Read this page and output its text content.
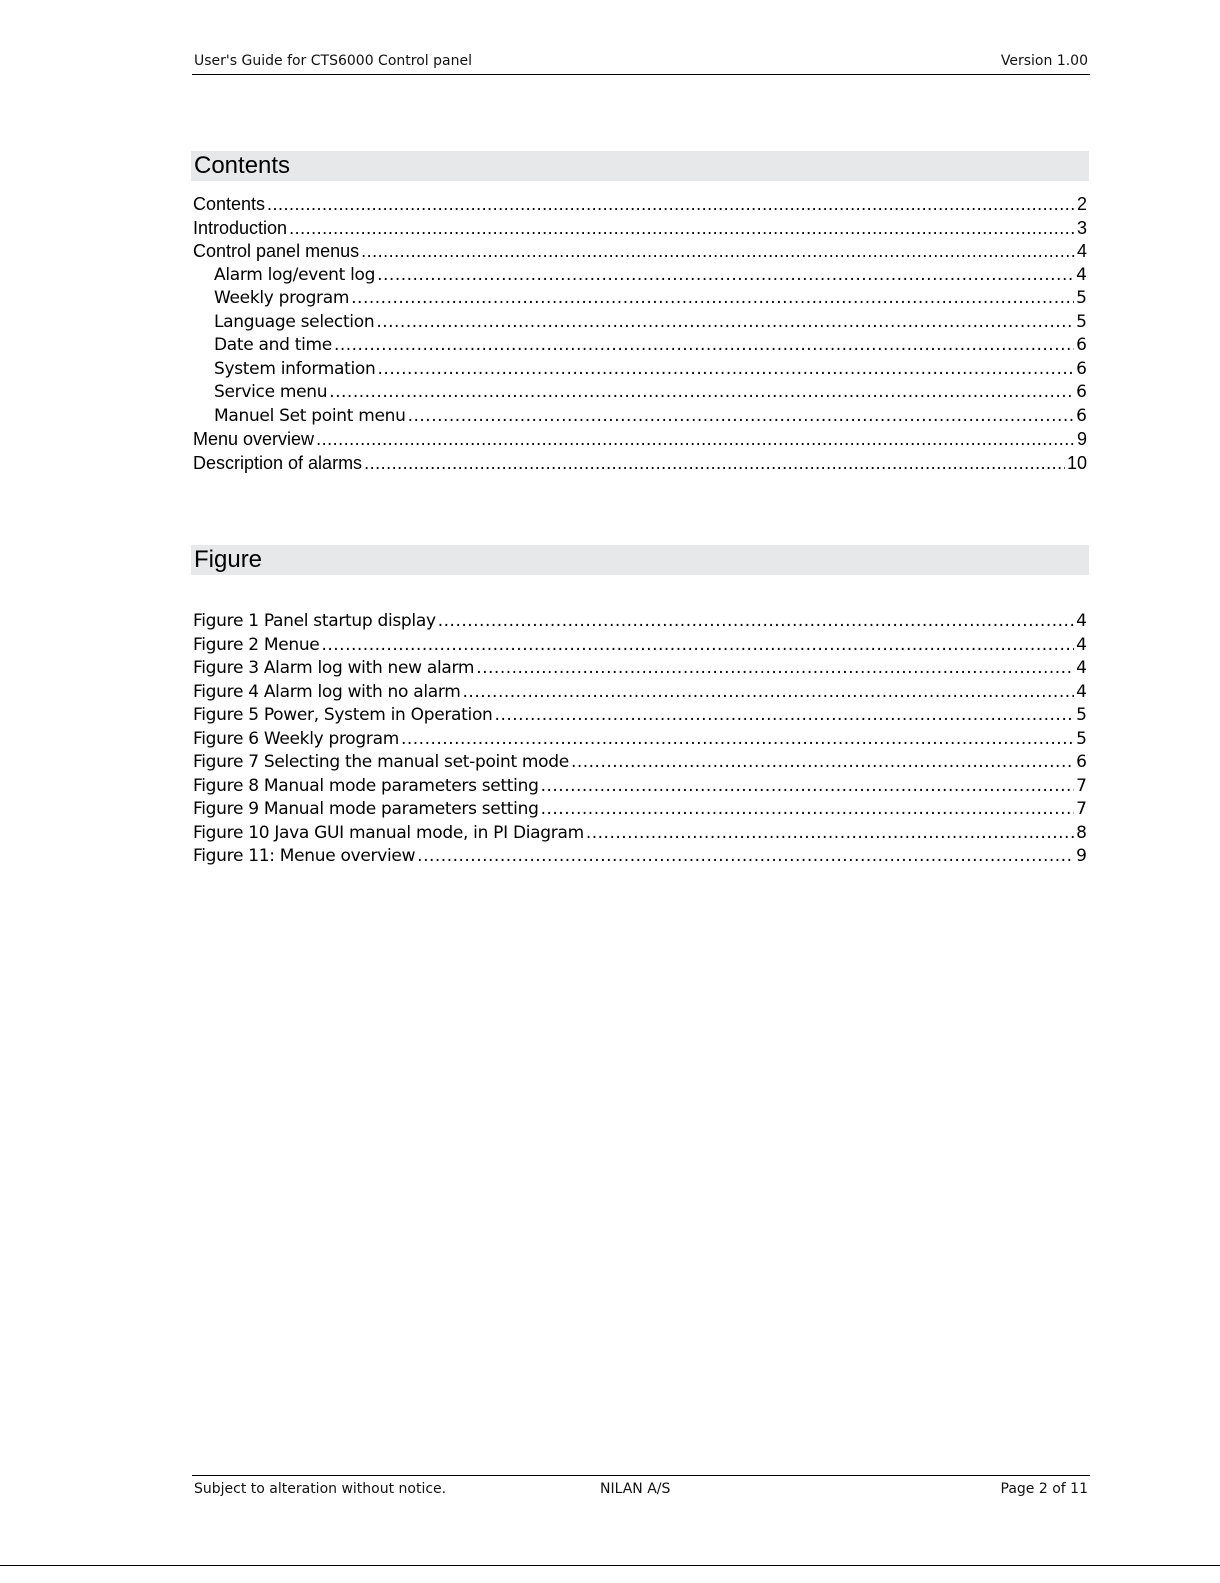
User's Guide for CTS6000 Control panel	Version 1.00
Contents
Contents .....	2
Introduction .....	3
Control panel menus .....	4
Alarm log/event log .....	4
Weekly program .....	5
Language selection .....	5
Date and time .....	6
System information .....	6
Service menu .....	6
Manuel Set point menu .....	6
Menu overview .....	9
Description of alarms .....	10
Figure
Figure 1 Panel startup display .....	4
Figure 2 Menue .....	4
Figure 3 Alarm log with new alarm .....	4
Figure 4 Alarm log with no alarm .....	4
Figure 5 Power, System in Operation .....	5
Figure 6 Weekly program .....	5
Figure 7 Selecting the manual set-point mode .....	6
Figure 8 Manual mode parameters setting .....	7
Figure 9 Manual mode parameters setting .....	7
Figure 10 Java GUI manual mode, in PI Diagram .....	8
Figure 11: Menue overview .....	9
Subject to alteration without notice.	NILAN A/S	Page 2 of 11
